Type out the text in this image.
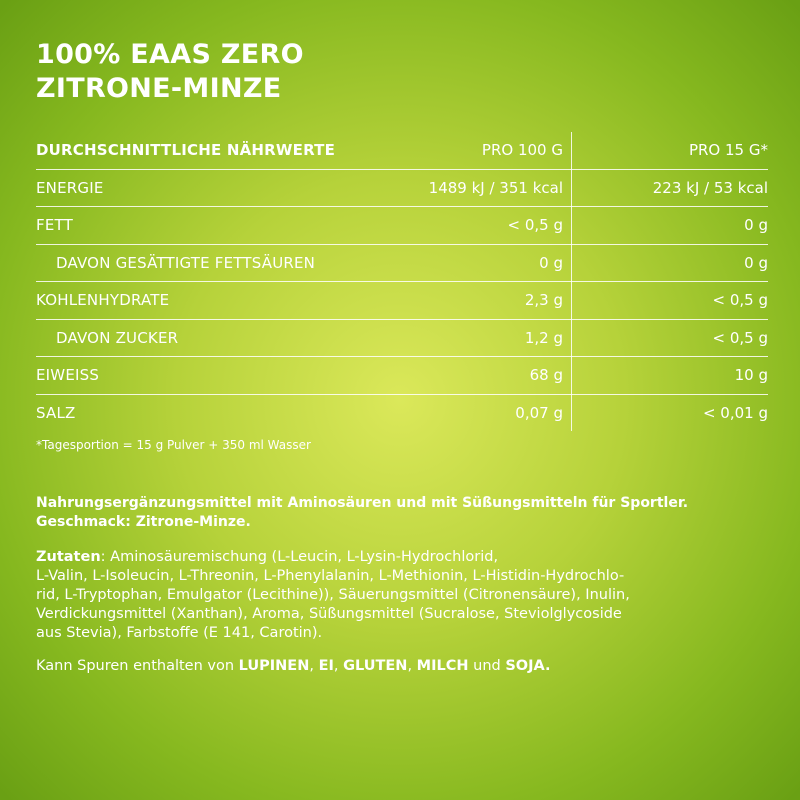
100% EAAS ZERO
ZITRONE-MINZE
DURCHSCHNITTLICHE NÄHRWERTE	PRO 100 G	PRO 15 G*
ENERGIE	1489 kJ / 351 kcal	223 kJ / 53 kcal
FETT	< 0,5 g	0 g
DAVON GESÄTTIGTE FETTSÄUREN	0 g	0 g
KOHLENHYDRATE	2,3 g	< 0,5 g
DAVON ZUCKER	1,2 g	< 0,5 g
EIWEISS	68 g	10 g
SALZ	0,07 g	< 0,01 g
*Tagesportion = 15 g Pulver + 350 ml Wasser
Nahrungsergänzungsmittel mit Aminosäuren und mit Süßungsmitteln für Sportler.
Geschmack: Zitrone-Minze.
Zutaten: Aminosäuremischung (L-Leucin, L-Lysin-Hydrochlorid,
L-Valin, L-Isoleucin, L-Threonin, L-Phenylalanin, L-Methionin, L-Histidin-Hydrochlo-
rid, L-Tryptophan, Emulgator (Lecithine)), Säuerungsmittel (Citronensäure), Inulin,
Verdickungsmittel (Xanthan), Aroma, Süßungsmittel (Sucralose, Steviolglycoside
aus Stevia), Farbstoffe (E 141, Carotin).
Kann Spuren enthalten von LUPINEN, EI, GLUTEN, MILCH und SOJA.
